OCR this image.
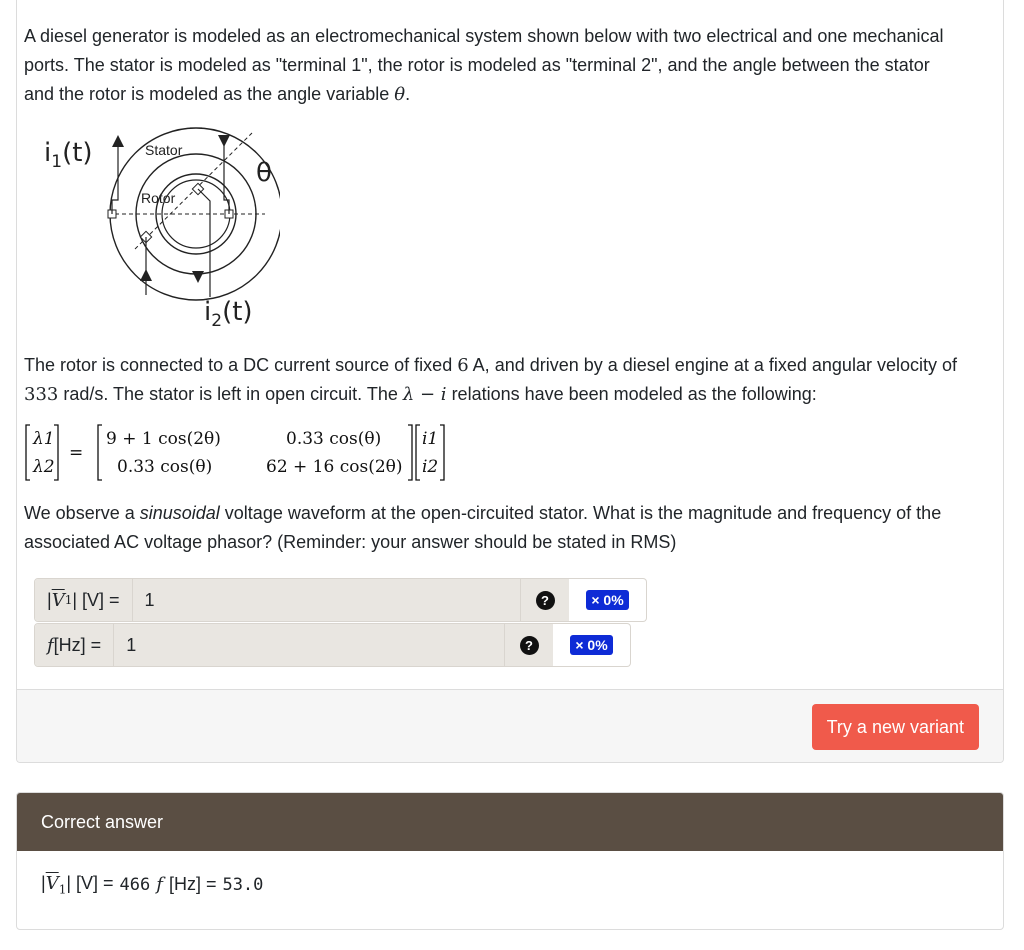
A diesel generator is modeled as an electromechanical system shown below with two electrical and one mechanical ports. The stator is modeled as "terminal 1", the rotor is modeled as "terminal 2", and the angle between the stator and the rotor is modeled as the angle variable θ.

Stator
Rotor
θ
$i_1(t)$
$i_2(t)$

The rotor is connected to a DC current source of fixed 6 A, and driven by a diesel engine at a fixed angular velocity of 333 rad/s. The stator is left in open circuit. The λ − i relations have been modeled as the following:

λ1
λ2
=
9 + 1 cos(2θ)	0.33 cos(θ)
0.33 cos(θ)	62 + 16 cos(2θ)
i1
i2

We observe a sinusoidal voltage waveform at the open-circuited stator. What is the magnitude and frequency of the associated AC voltage phasor? (Reminder: your answer should be stated in RMS)

| $\overline{V}$ 1 | [V] =
1	?	× 0%
f [Hz] =
1	?	× 0%
Try a new variant
Correct answer
$|\overline{V}_1|$ [V] = 466 f [Hz] = 53.0
